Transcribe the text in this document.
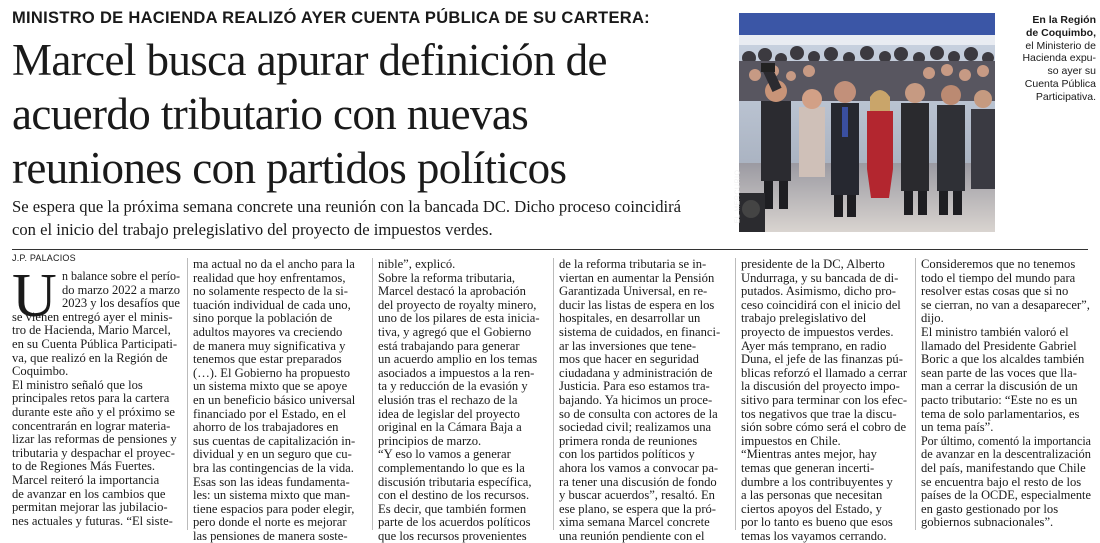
MINISTRO DE HACIENDA REALIZÓ AYER CUENTA PÚBLICA DE SU CARTERA:
Marcel busca apurar definición de
acuerdo tributario con nuevas
reuniones con partidos políticos
Se espera que la próxima semana concrete una reunión con la bancada DC. Dicho proceso coincidirá
con el inicio del trabajo prelegislativo del proyecto de impuestos verdes.
EL MERCURIO
En la Región
de Coquimbo,
el Ministerio de
Hacienda expu-
so ayer su
Cuenta Pública
Participativa.
J.P. PALACIOS
U n balance sobre el perío-
do marzo 2022 a marzo
2023 y los desafíos que
se vienen entregó ayer el minis-
tro de Hacienda, Mario Marcel,
en su Cuenta Pública Participati-
va, que realizó en la Región de
Coquimbo.
El ministro señaló que los
principales retos para la cartera
durante este año y el próximo se
concentrarán en lograr materia-
lizar las reformas de pensiones y
tributaria y despachar el proyec-
to de Regiones Más Fuertes.
Marcel reiteró la importancia
de avanzar en los cambios que
permitan mejorar las jubilacio-
nes actuales y futuras. “El siste-
ma actual no da el ancho para la
realidad que hoy enfrentamos,
no solamente respecto de la si-
tuación individual de cada uno,
sino porque la población de
adultos mayores va creciendo
de manera muy significativa y
tenemos que estar preparados
(…). El Gobierno ha propuesto
un sistema mixto que se apoye
en un beneficio básico universal
financiado por el Estado, en el
ahorro de los trabajadores en
sus cuentas de capitalización in-
dividual y en un seguro que cu-
bra las contingencias de la vida.
Esas son las ideas fundamenta-
les: un sistema mixto que man-
tiene espacios para poder elegir,
pero donde el norte es mejorar
las pensiones de manera soste-
nible”, explicó.
Sobre la reforma tributaria,
Marcel destacó la aprobación
del proyecto de royalty minero,
uno de los pilares de esta inicia-
tiva, y agregó que el Gobierno
está trabajando para generar
un acuerdo amplio en los temas
asociados a impuestos a la ren-
ta y reducción de la evasión y
elusión tras el rechazo de la
idea de legislar del proyecto
original en la Cámara Baja a
principios de marzo.
“Y eso lo vamos a generar
complementando lo que es la
discusión tributaria específica,
con el destino de los recursos.
Es decir, que también formen
parte de los acuerdos políticos
que los recursos provenientes
de la reforma tributaria se in-
viertan en aumentar la Pensión
Garantizada Universal, en re-
ducir las listas de espera en los
hospitales, en desarrollar un
sistema de cuidados, en financi-
ar las inversiones que tene-
mos que hacer en seguridad
ciudadana y administración de
Justicia. Para eso estamos tra-
bajando. Ya hicimos un proce-
so de consulta con actores de la
sociedad civil; realizamos una
primera ronda de reuniones
con los partidos políticos y
ahora los vamos a convocar pa-
ra tener una discusión de fondo
y buscar acuerdos”, resaltó. En
ese plano, se espera que la pró-
xima semana Marcel concrete
una reunión pendiente con el
presidente de la DC, Alberto
Undurraga, y su bancada de di-
putados. Asimismo, dicho pro-
ceso coincidirá con el inicio del
trabajo prelegislativo del
proyecto de impuestos verdes.
Ayer más temprano, en radio
Duna, el jefe de las finanzas pú-
blicas reforzó el llamado a cerrar
la discusión del proyecto impo-
sitivo para terminar con los efec-
tos negativos que trae la discu-
sión sobre cómo será el cobro de
impuestos en Chile.
“Mientras antes mejor, hay
temas que generan incerti-
dumbre a los contribuyentes y
a las personas que necesitan
ciertos apoyos del Estado, y
por lo tanto es bueno que esos
temas los vayamos cerrando.
Consideremos que no tenemos
todo el tiempo del mundo para
resolver estas cosas que si no
se cierran, no van a desaparecer”,
dijo.
El ministro también valoró el
llamado del Presidente Gabriel
Boric a que los alcaldes también
sean parte de las voces que lla-
man a cerrar la discusión de un
pacto tributario: “Este no es un
tema de solo parlamentarios, es
un tema país”.
Por último, comentó la importancia
de avanzar en la descentralización
del país, manifestando que Chile
se encuentra bajo el resto de los
países de la OCDE, especialmente
en gasto gestionado por los
gobiernos subnacionales”.
